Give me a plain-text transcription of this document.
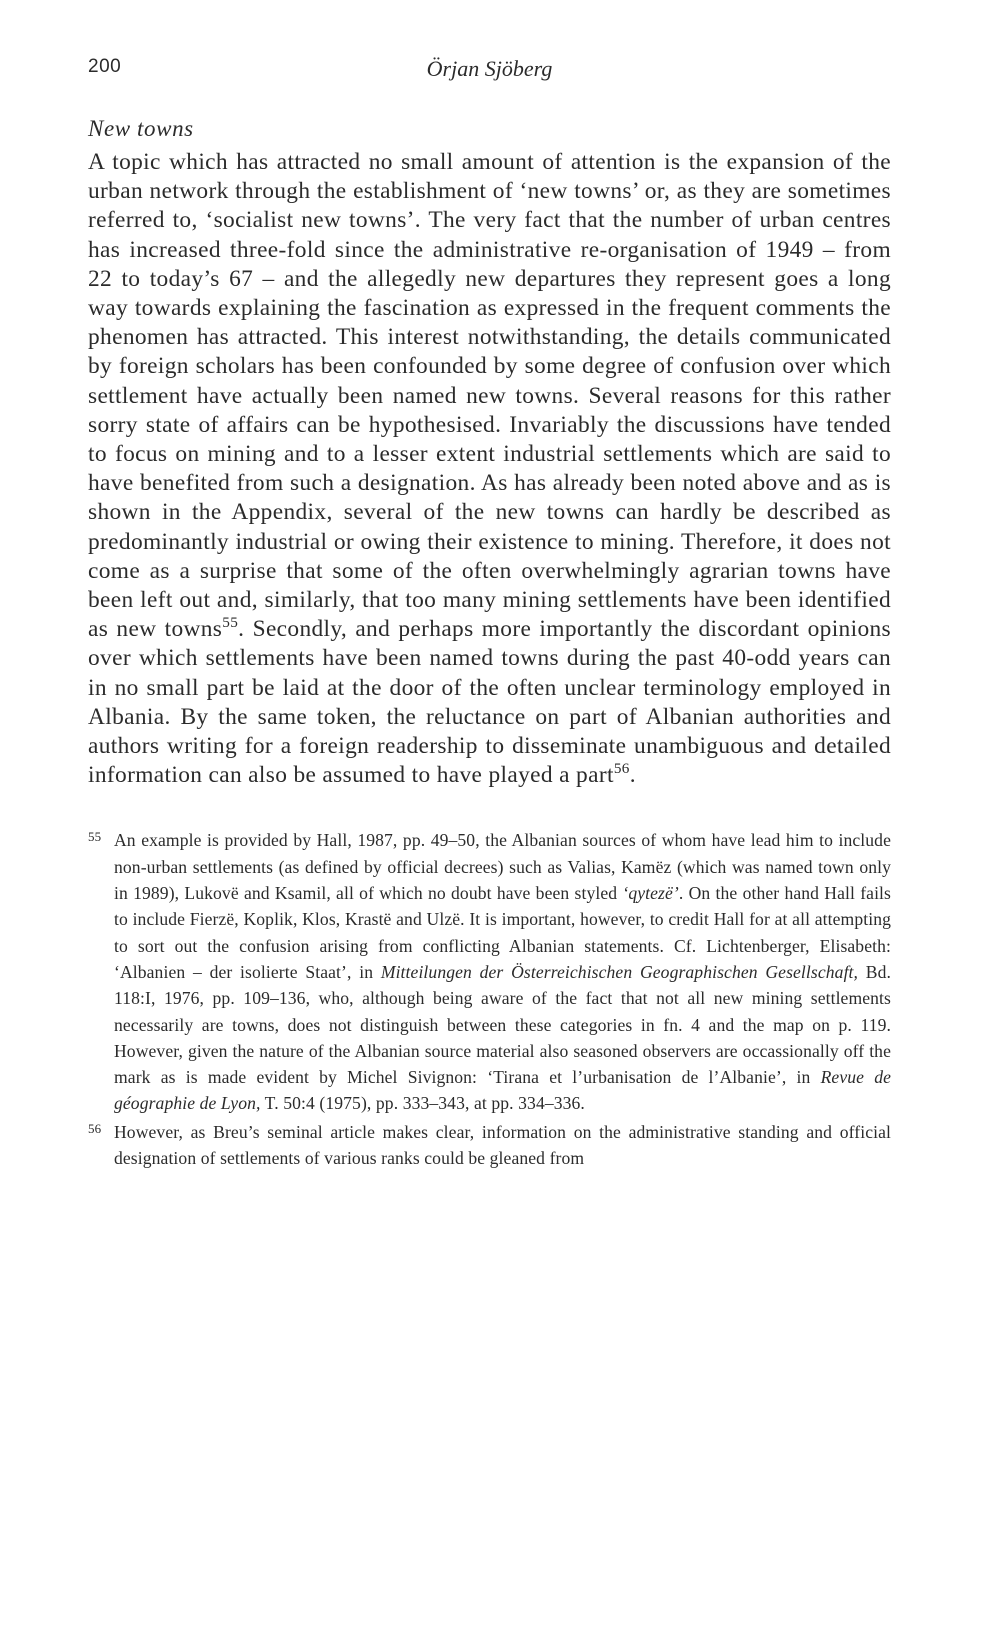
200	Örjan Sjöberg
New towns

A topic which has attracted no small amount of attention is the expansion of the urban network through the establishment of ‘new towns’ or, as they are sometimes referred to, ‘socialist new towns’. The very fact that the number of urban centres has increased three-fold since the administrative re-organisation of 1949 – from 22 to today’s 67 – and the allegedly new departures they represent goes a long way towards explaining the fascination as expressed in the frequent comments the phenomen has attracted. This interest notwithstanding, the details communicated by foreign scholars has been confounded by some degree of confusion over which settlement have actually been named new towns. Several reasons for this rather sorry state of affairs can be hypothesised. Invariably the discussions have tended to focus on mining and to a lesser extent industrial settlements which are said to have benefited from such a designation. As has already been noted above and as is shown in the Appendix, several of the new towns can hardly be described as predominantly industrial or owing their existence to mining. Therefore, it does not come as a surprise that some of the often overwhelmingly agrarian towns have been left out and, similarly, that too many mining settlements have been identified as new towns$^{55}$. Secondly, and perhaps more importantly the discordant opinions over which settlements have been named towns during the past 40-odd years can in no small part be laid at the door of the often unclear terminology employed in Albania. By the same token, the reluctance on part of Albanian authorities and authors writing for a foreign readership to disseminate unambiguous and detailed information can also be assumed to have played a part$^{56}$.

55 An example is provided by Hall, 1987, pp. 49–50, the Albanian sources of whom have lead him to include non-urban settlements (as defined by official decrees) such as Valias, Kamëz (which was named town only in 1989), Lukovë and Ksamil, all of which no doubt have been styled ‘qytezë’. On the other hand Hall fails to include Fierzë, Koplik, Klos, Krastë and Ulzë. It is important, however, to credit Hall for at all attempting to sort out the confusion arising from conflicting Albanian statements. Cf. Lichtenberger, Elisabeth: ‘Albanien – der isolierte Staat’, in Mitteilungen der Österreichischen Geographischen Gesellschaft, Bd. 118:I, 1976, pp. 109–136, who, although being aware of the fact that not all new mining settlements necessarily are towns, does not distinguish between these categories in fn. 4 and the map on p. 119. However, given the nature of the Albanian source material also seasoned observers are occassionally off the mark as is made evident by Michel Sivignon: ‘Tirana et l’urbanisation de l’Albanie’, in Revue de géographie de Lyon, T. 50:4 (1975), pp. 333–343, at pp. 334–336.
56 However, as Breu’s seminal article makes clear, information on the administrative standing and official designation of settlements of various ranks could be gleaned from
